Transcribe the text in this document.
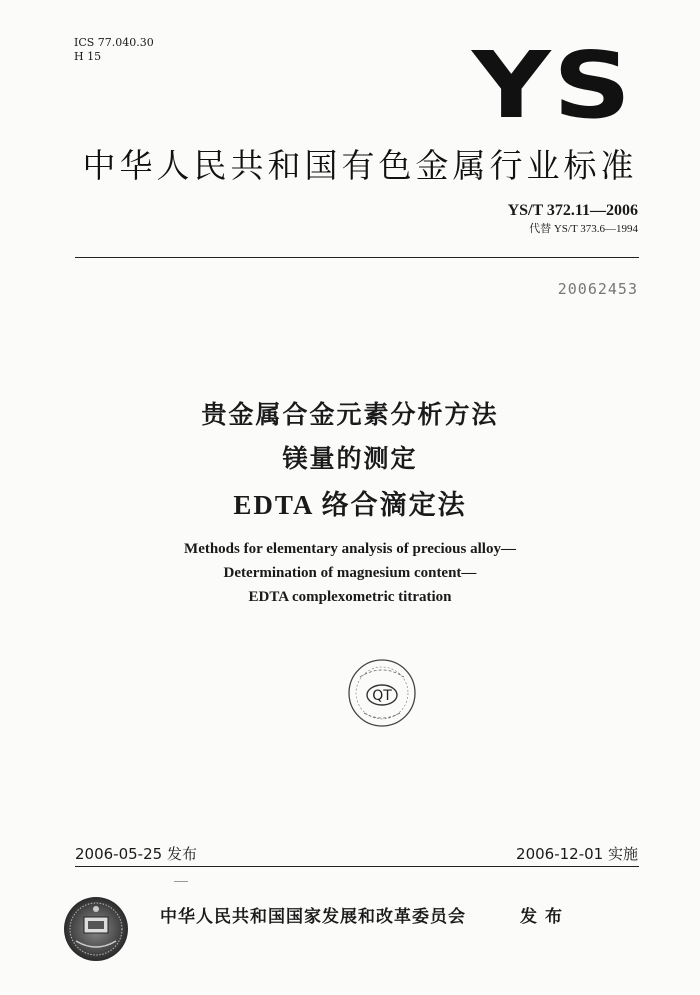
ICS 77.040.30
H 15	YS
中华人民共和国有色金属行业标准
YS/T 372.11—2006
代替 YS/T 373.6—1994
20062453
贵金属合金元素分析方法
镁量的测定
EDTA 络合滴定法
Methods for elementary analysis of precious alloy—
Determination of magnesium content—
EDTA complexometric titration
QT
2006-05-25 发布	2006-12-01 实施
中华人民共和国国家发展和改革委员会	发布
